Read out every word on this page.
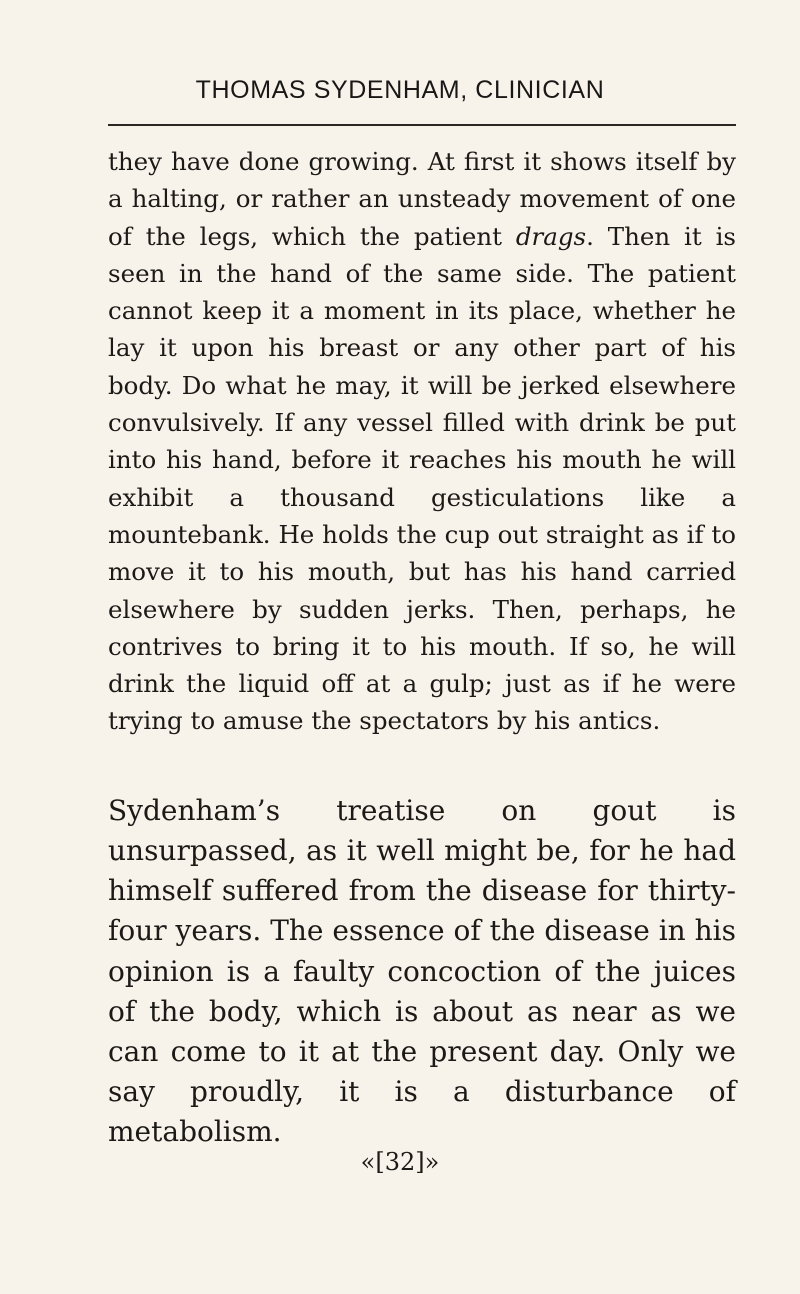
THOMAS SYDENHAM, CLINICIAN

they have done growing. At first it shows itself by a halting, or rather an unsteady movement of one of the legs, which the patient drags. Then it is seen in the hand of the same side. The patient cannot keep it a moment in its place, whether he lay it upon his breast or any other part of his body. Do what he may, it will be jerked elsewhere convulsively. If any vessel filled with drink be put into his hand, before it reaches his mouth he will exhibit a thousand gesticulations like a mountebank. He holds the cup out straight as if to move it to his mouth, but has his hand carried elsewhere by sudden jerks. Then, perhaps, he contrives to bring it to his mouth. If so, he will drink the liquid off at a gulp; just as if he were trying to amuse the spectators by his antics.

Sydenham’s treatise on gout is unsurpassed, as it well might be, for he had himself suffered from the disease for thirty-four years. The essence of the disease in his opinion is a faulty concoction of the juices of the body, which is about as near as we can come to it at the present day. Only we say proudly, it is a disturbance of metabolism.

«[32]»
